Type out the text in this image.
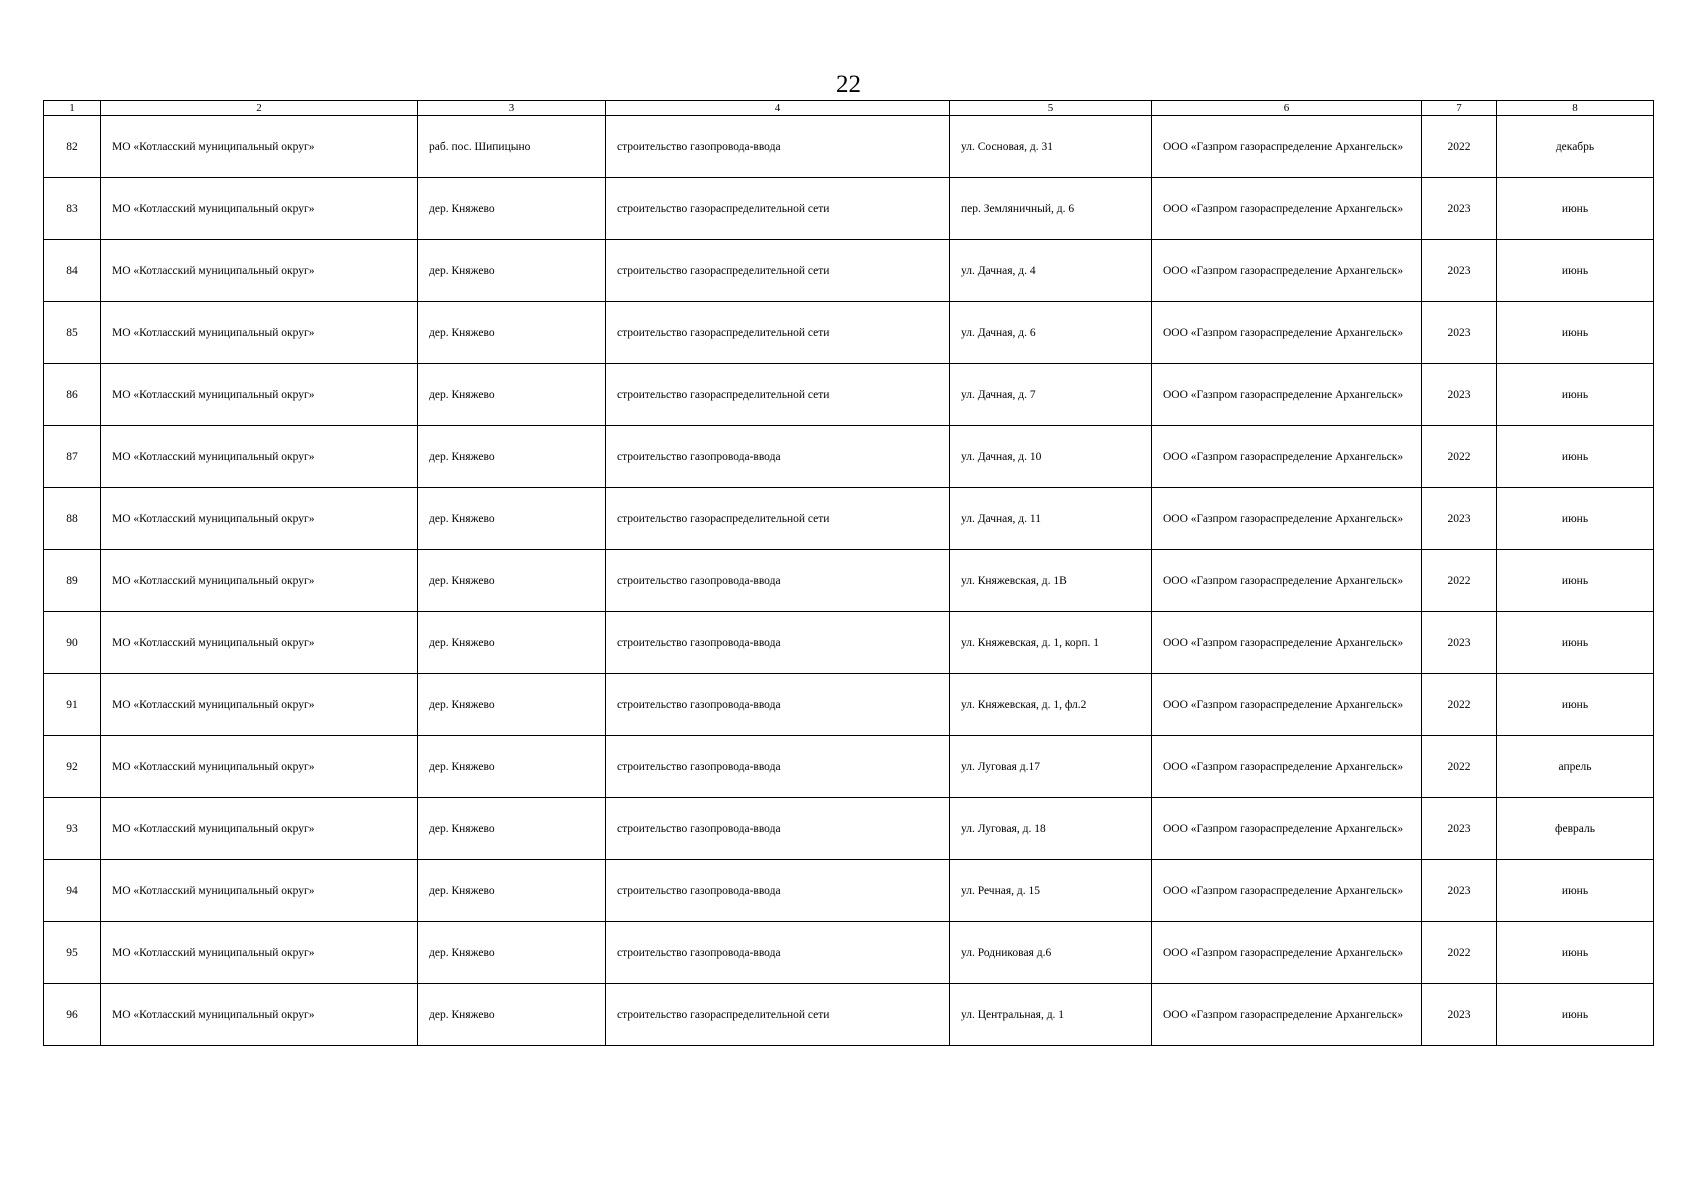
22
1	2	3	4	5	6	7	8
82	МО «Котласский муниципальный округ»	раб. пос. Шипицыно	строительство газопровода-ввода	ул. Сосновая, д. 31	ООО «Газпром газораспределение Архангельск»	2022	декабрь
83	МО «Котласский муниципальный округ»	дер. Княжево	строительство газораспределительной сети	пер. Земляничный, д. 6	ООО «Газпром газораспределение Архангельск»	2023	июнь
84	МО «Котласский муниципальный округ»	дер. Княжево	строительство газораспределительной сети	ул. Дачная, д. 4	ООО «Газпром газораспределение Архангельск»	2023	июнь
85	МО «Котласский муниципальный округ»	дер. Княжево	строительство газораспределительной сети	ул. Дачная, д. 6	ООО «Газпром газораспределение Архангельск»	2023	июнь
86	МО «Котласский муниципальный округ»	дер. Княжево	строительство газораспределительной сети	ул. Дачная, д. 7	ООО «Газпром газораспределение Архангельск»	2023	июнь
87	МО «Котласский муниципальный округ»	дер. Княжево	строительство газопровода-ввода	ул. Дачная, д. 10	ООО «Газпром газораспределение Архангельск»	2022	июнь
88	МО «Котласский муниципальный округ»	дер. Княжево	строительство газораспределительной сети	ул. Дачная, д. 11	ООО «Газпром газораспределение Архангельск»	2023	июнь
89	МО «Котласский муниципальный округ»	дер. Княжево	строительство газопровода-ввода	ул. Княжевская, д. 1В	ООО «Газпром газораспределение Архангельск»	2022	июнь
90	МО «Котласский муниципальный округ»	дер. Княжево	строительство газопровода-ввода	ул. Княжевская, д. 1, корп. 1	ООО «Газпром газораспределение Архангельск»	2023	июнь
91	МО «Котласский муниципальный округ»	дер. Княжево	строительство газопровода-ввода	ул. Княжевская, д. 1, фл.2	ООО «Газпром газораспределение Архангельск»	2022	июнь
92	МО «Котласский муниципальный округ»	дер. Княжево	строительство газопровода-ввода	ул. Луговая д.17	ООО «Газпром газораспределение Архангельск»	2022	апрель
93	МО «Котласский муниципальный округ»	дер. Княжево	строительство газопровода-ввода	ул. Луговая, д. 18	ООО «Газпром газораспределение Архангельск»	2023	февраль
94	МО «Котласский муниципальный округ»	дер. Княжево	строительство газопровода-ввода	ул. Речная, д. 15	ООО «Газпром газораспределение Архангельск»	2023	июнь
95	МО «Котласский муниципальный округ»	дер. Княжево	строительство газопровода-ввода	ул. Родниковая д.6	ООО «Газпром газораспределение Архангельск»	2022	июнь
96	МО «Котласский муниципальный округ»	дер. Княжево	строительство газораспределительной сети	ул. Центральная, д. 1	ООО «Газпром газораспределение Архангельск»	2023	июнь
